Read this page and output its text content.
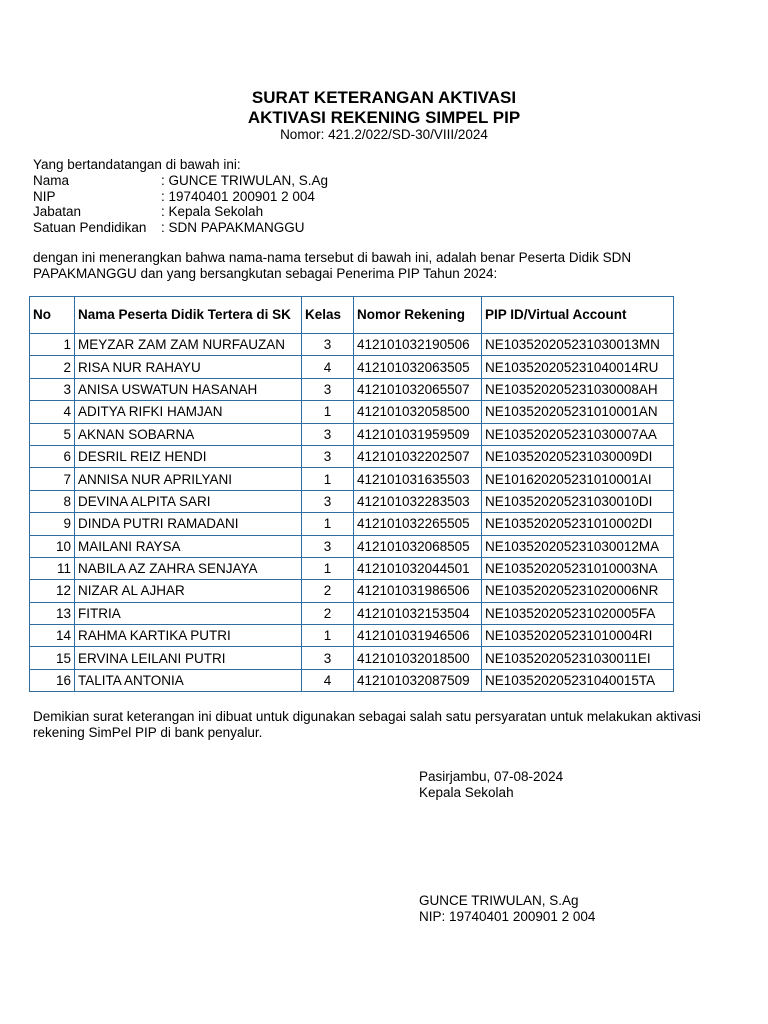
SURAT KETERANGAN AKTIVASI
AKTIVASI REKENING SIMPEL PIP
Nomor: 421.2/022/SD-30/VIII/2024
Yang bertandatangan di bawah ini:
Nama	: GUNCE TRIWULAN, S.Ag
NIP	: 19740401 200901 2 004
Jabatan	: Kepala Sekolah
Satuan Pendidikan	: SDN PAPAKMANGGU
dengan ini menerangkan bahwa nama-nama tersebut di bawah ini, adalah benar Peserta Didik SDN PAPAKMANGGU dan yang bersangkutan sebagai Penerima PIP Tahun 2024:
No	Nama Peserta Didik Tertera di SK	Kelas	Nomor Rekening	PIP ID/Virtual Account
1	MEYZAR ZAM ZAM NURFAUZAN	3	412101032190506	NE103520205231030013MN
2	RISA NUR RAHAYU	4	412101032063505	NE103520205231040014RU
3	ANISA USWATUN HASANAH	3	412101032065507	NE103520205231030008AH
4	ADITYA RIFKI HAMJAN	1	412101032058500	NE103520205231010001AN
5	AKNAN SOBARNA	3	412101031959509	NE103520205231030007AA
6	DESRIL REIZ HENDI	3	412101032202507	NE103520205231030009DI
7	ANNISA NUR APRILYANI	1	412101031635503	NE101620205231010001AI
8	DEVINA ALPITA SARI	3	412101032283503	NE103520205231030010DI
9	DINDA PUTRI RAMADANI	1	412101032265505	NE103520205231010002DI
10	MAILANI RAYSA	3	412101032068505	NE103520205231030012MA
11	NABILA AZ ZAHRA SENJAYA	1	412101032044501	NE103520205231010003NA
12	NIZAR AL AJHAR	2	412101031986506	NE103520205231020006NR
13	FITRIA	2	412101032153504	NE103520205231020005FA
14	RAHMA KARTIKA PUTRI	1	412101031946506	NE103520205231010004RI
15	ERVINA LEILANI PUTRI	3	412101032018500	NE103520205231030011EI
16	TALITA ANTONIA	4	412101032087509	NE103520205231040015TA
Demikian surat keterangan ini dibuat untuk digunakan sebagai salah satu persyaratan untuk melakukan aktivasi rekening SimPel PIP di bank penyalur.
Pasirjambu, 07-08-2024
Kepala Sekolah
GUNCE TRIWULAN, S.Ag
NIP: 19740401 200901 2 004
